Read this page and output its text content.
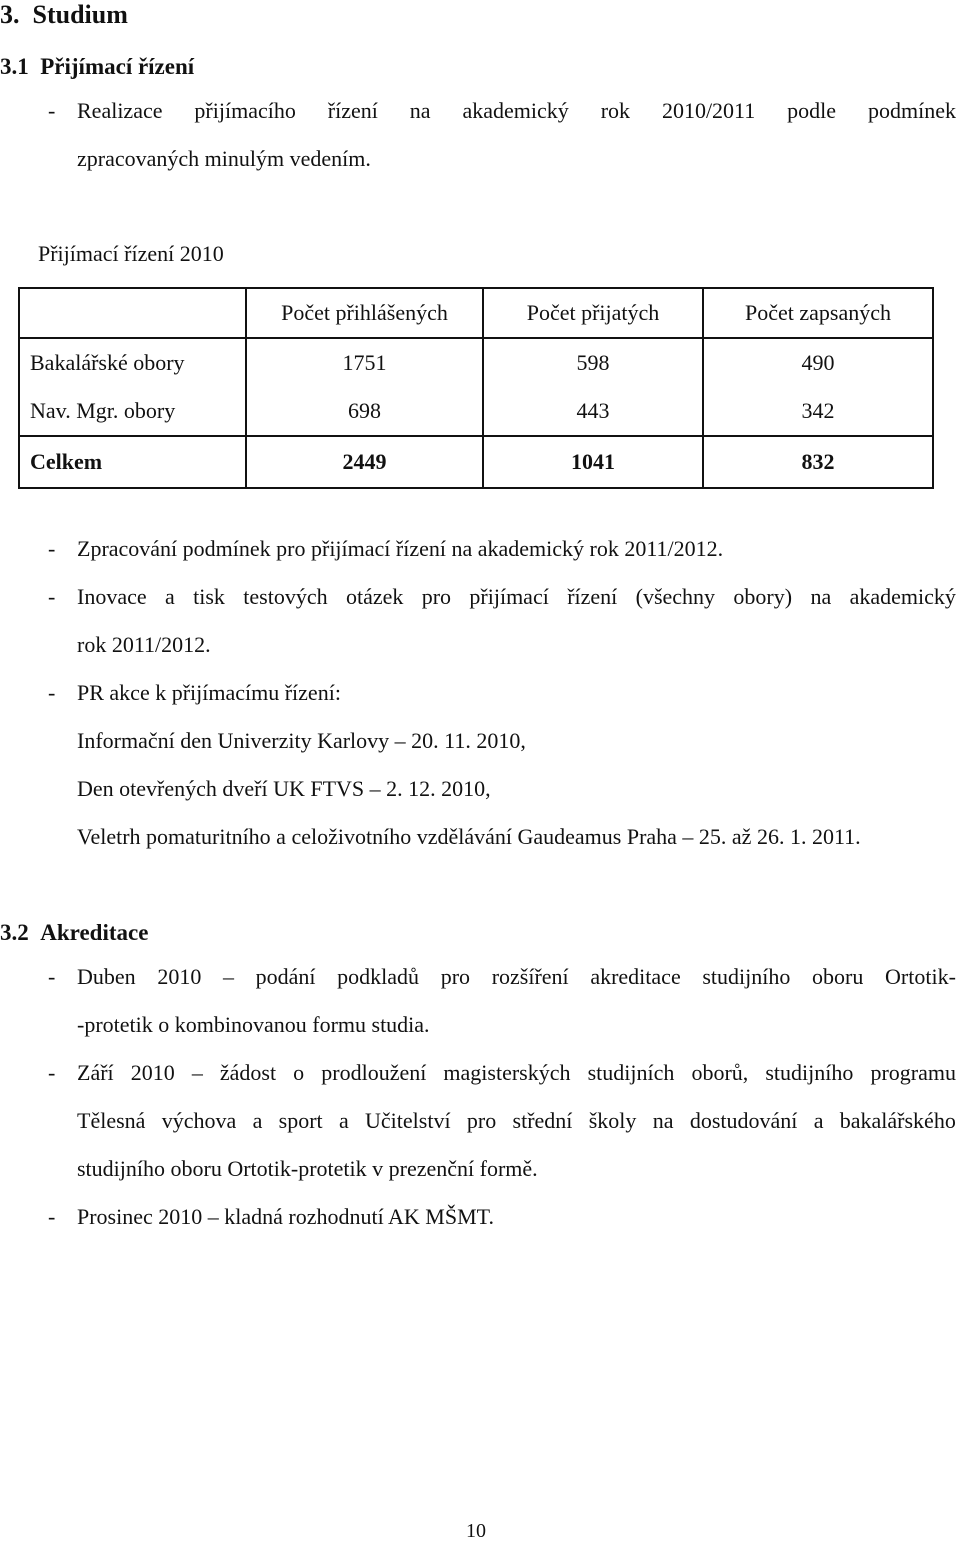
3. Studium
3.1 Přijímací řízení
- Realizace přijímacího řízení na akademický rok 2010/2011 podle podmínek
zpracovaných minulým vedením.
Přijímací řízení 2010
	Počet přihlášených	Počet přijatých	Počet zapsaných
Bakalářské obory	1751	598	490
Nav. Mgr. obory	698	443	342
Celkem	2449	1041	832
- Zpracování podmínek pro přijímací řízení na akademický rok 2011/2012.
- Inovace a tisk testových otázek pro přijímací řízení (všechny obory) na akademický
rok 2011/2012.
- PR akce k přijímacímu řízení:
Informační den Univerzity Karlovy – 20. 11. 2010,
Den otevřených dveří UK FTVS – 2. 12. 2010,
Veletrh pomaturitního a celoživotního vzdělávání Gaudeamus Praha – 25. až 26. 1. 2011.
3.2 Akreditace
- Duben 2010 – podání podkladů pro rozšíření akreditace studijního oboru Ortotik-
-protetik o kombinovanou formu studia.
- Září 2010 – žádost o prodloužení magisterských studijních oborů, studijního programu
Tělesná výchova a sport a Učitelství pro střední školy na dostudování a bakalářského
studijního oboru Ortotik-protetik v prezenční formě.
- Prosinec 2010 – kladná rozhodnutí AK MŠMT.
10
